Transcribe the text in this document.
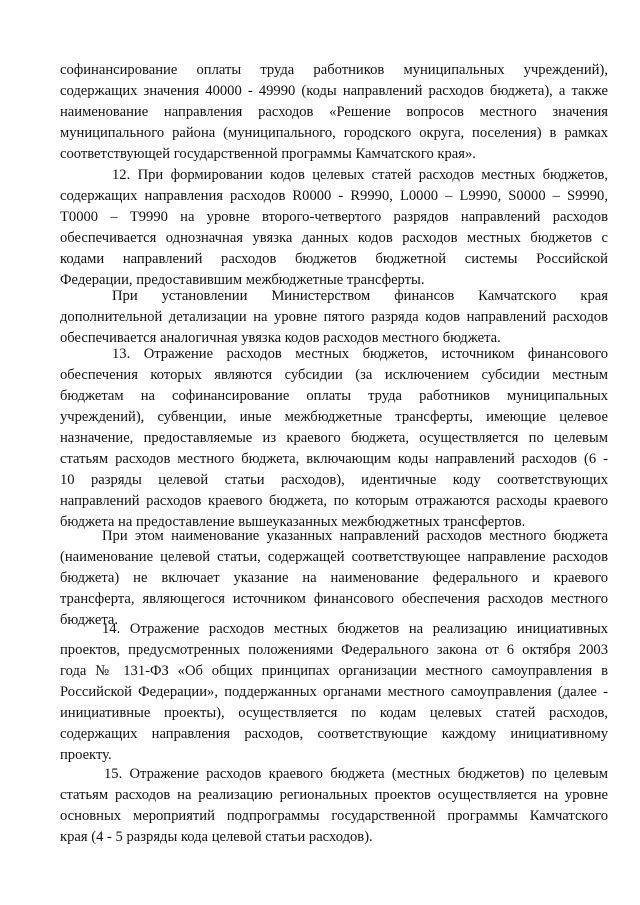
софинансирование оплаты труда работников муниципальных учреждений),
содержащих значения 40000 - 49990 (коды направлений расходов бюджета), а также
наименование направления расходов «Решение вопросов местного значения
муниципального района (муниципального, городского округа, поселения) в рамках
соответствующей государственной программы Камчатского края».
12. При формировании кодов целевых статей расходов местных бюджетов,
содержащих направления расходов R0000 - R9990, L0000 – L9990, S0000 – S9990,
Т0000 – Т9990 на уровне второго-четвертого разрядов направлений расходов
обеспечивается однозначная увязка данных кодов расходов местных бюджетов с
кодами направлений расходов бюджетов бюджетной системы Российской
Федерации, предоставившим межбюджетные трансферты.
При установлении Министерством финансов Камчатского края
дополнительной детализации на уровне пятого разряда кодов направлений расходов
обеспечивается аналогичная увязка кодов расходов местного бюджета.
13. Отражение расходов местных бюджетов, источником финансового
обеспечения которых являются субсидии (за исключением субсидии местным
бюджетам на софинансирование оплаты труда работников муниципальных
учреждений), субвенции, иные межбюджетные трансферты, имеющие целевое
назначение, предоставляемые из краевого бюджета, осуществляется по целевым
статьям расходов местного бюджета, включающим коды направлений расходов (6 -
10 разряды целевой статьи расходов), идентичные коду соответствующих
направлений расходов краевого бюджета, по которым отражаются расходы краевого
бюджета на предоставление вышеуказанных межбюджетных трансфертов.
При этом наименование указанных направлений расходов местного бюджета
(наименование целевой статьи, содержащей соответствующее направление расходов
бюджета) не включает указание на наименование федерального и краевого
трансферта, являющегося источником финансового обеспечения расходов местного
бюджета.
14. Отражение расходов местных бюджетов на реализацию инициативных
проектов, предусмотренных положениями Федерального закона от 6 октября 2003
года № 131-ФЗ «Об общих принципах организации местного самоуправления в
Российской Федерации», поддержанных органами местного самоуправления (далее -
инициативные проекты), осуществляется по кодам целевых статей расходов,
содержащих направления расходов, соответствующие каждому инициативному
проекту.
15. Отражение расходов краевого бюджета (местных бюджетов) по целевым
статьям расходов на реализацию региональных проектов осуществляется на уровне
основных мероприятий подпрограммы государственной программы Камчатского
края (4 - 5 разряды кода целевой статьи расходов).
